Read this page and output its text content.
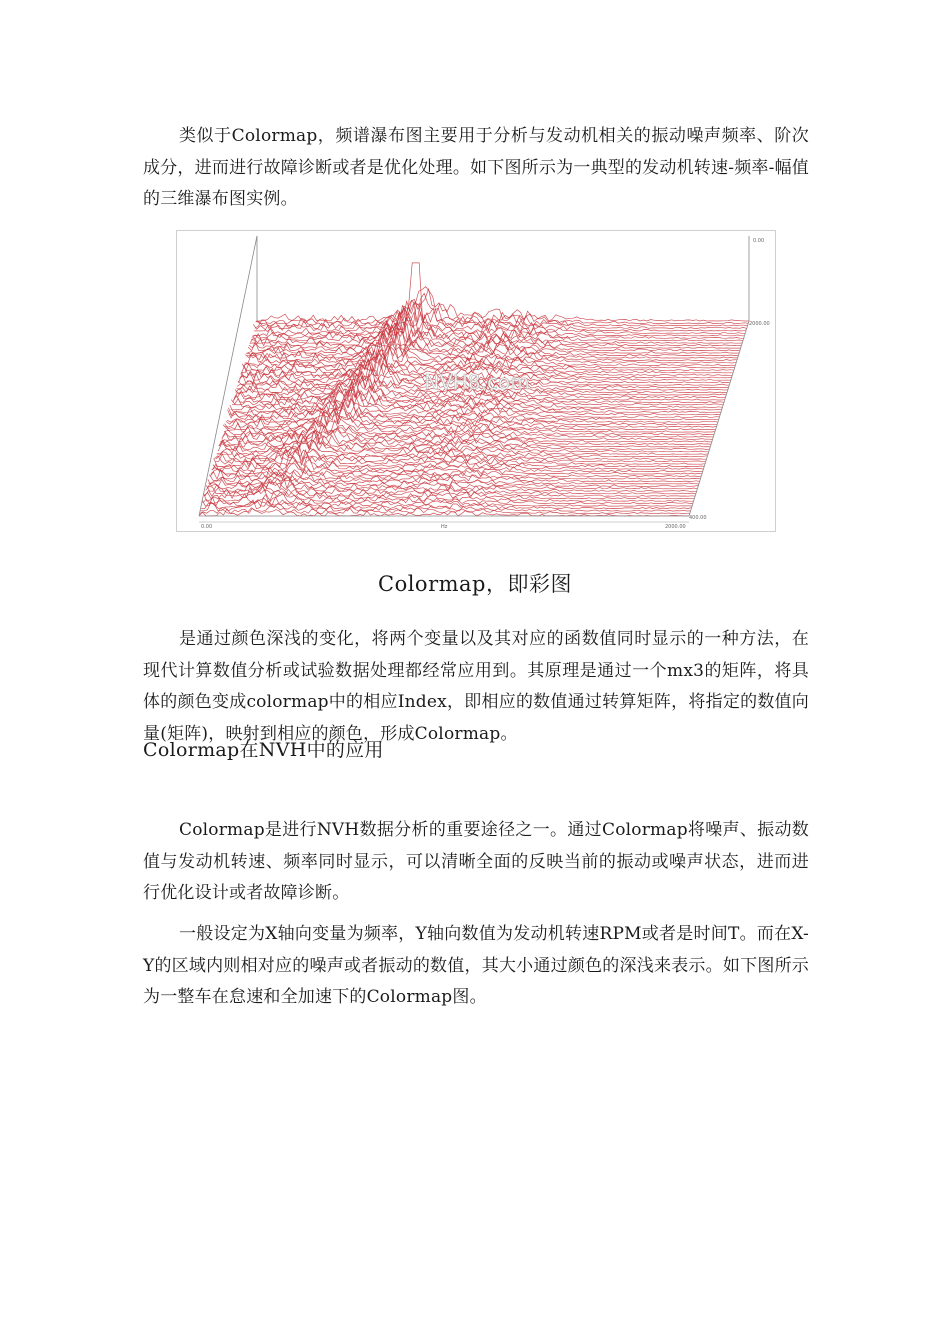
类似于Colormap，频谱瀑布图主要用于分析与发动机相关的振动噪声频率、阶次成分，进而进行故障诊断或者是优化处理。如下图所示为一典型的发动机转速-频率-幅值的三维瀑布图实例。
0.00	Hz	2000.00
400.00
2000.00
0.00
NVH8.com
Colormap，即彩图
是通过颜色深浅的变化，将两个变量以及其对应的函数值同时显示的一种方法，在现代计算数值分析或试验数据处理都经常应用到。其原理是通过一个mx3的矩阵，将具体的颜色变成colormap中的相应Index，即相应的数值通过转算矩阵，将指定的数值向量(矩阵)，映射到相应的颜色，形成Colormap。
Colormap在NVH中的应用
Colormap是进行NVH数据分析的重要途径之一。通过Colormap将噪声、振动数值与发动机转速、频率同时显示，可以清晰全面的反映当前的振动或噪声状态，进而进行优化设计或者故障诊断。
一般设定为X轴向变量为频率，Y轴向数值为发动机转速RPM或者是时间T。而在X-Y的区域内则相对应的噪声或者振动的数值，其大小通过颜色的深浅来表示。如下图所示为一整车在怠速和全加速下的Colormap图。
